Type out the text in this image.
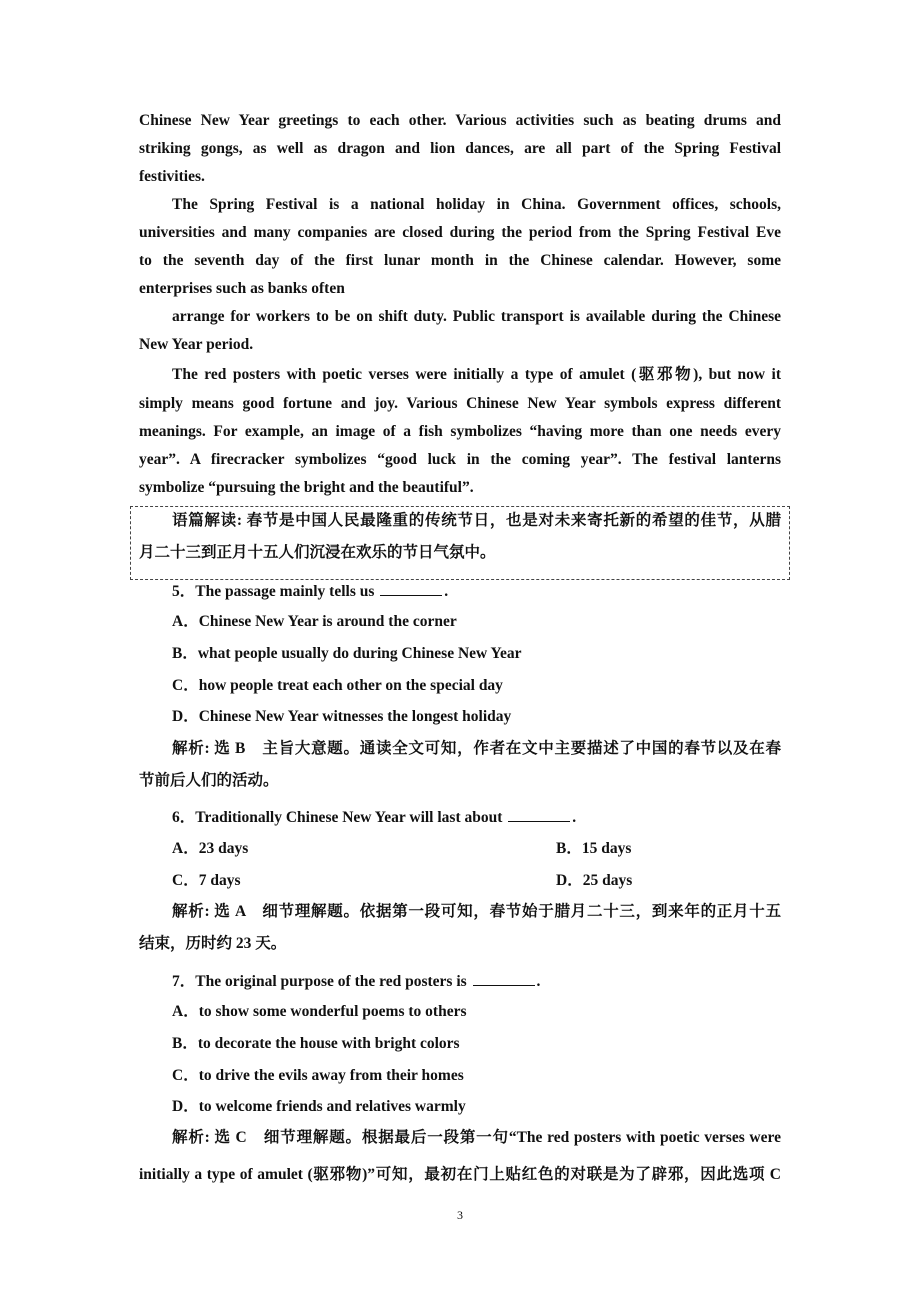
Chinese New Year greetings to each other. Various activities such as beating drums and
striking gongs, as well as dragon and lion dances, are all part of the Spring Festival
festivities.
The Spring Festival is a national holiday in China. Government offices, schools,
universities and many companies are closed during the period from the Spring Festival Eve
to the seventh day of the first lunar month in the Chinese calendar. However, some
enterprises such as banks often
arrange for workers to be on shift duty. Public transport is available during the Chinese
New Year period.
The red posters with poetic verses were initially a type of amulet (驱邪物), but now it
simply means good fortune and joy. Various Chinese New Year symbols express different
meanings. For example, an image of a fish symbolizes “having more than one needs every
year”. A firecracker symbolizes “good luck in the coming year”. The festival lanterns
symbolize “pursuing the bright and the beautiful”.
语篇解读: 春节是中国人民最隆重的传统节日，也是对未来寄托新的希望的佳节，从腊
月二十三到正月十五人们沉浸在欢乐的节日气氛中。
5．The passage mainly tells us	.
A．Chinese New Year is around the corner
B．what people usually do during Chinese New Year
C．how people treat each other on the special day
D．Chinese New Year witnesses the longest holiday
解析: 选 B　主旨大意题。通读全文可知，作者在文中主要描述了中国的春节以及在春
节前后人们的活动。
6．Traditionally Chinese New Year will last about	.
A．23 days	B．15 days
C．7 days	D．25 days
解析: 选 A　细节理解题。依据第一段可知，春节始于腊月二十三，到来年的正月十五
结束，历时约 23 天。
7．The original purpose of the red posters is	.
A．to show some wonderful poems to others
B．to decorate the house with bright colors
C．to drive the evils away from their homes
D．to welcome friends and relatives warmly
解析: 选 C　细节理解题。根据最后一段第一句“The red posters with poetic verses were
initially a type of amulet (驱邪物)”可知，最初在门上贴红色的对联是为了辟邪，因此选项 C
3
